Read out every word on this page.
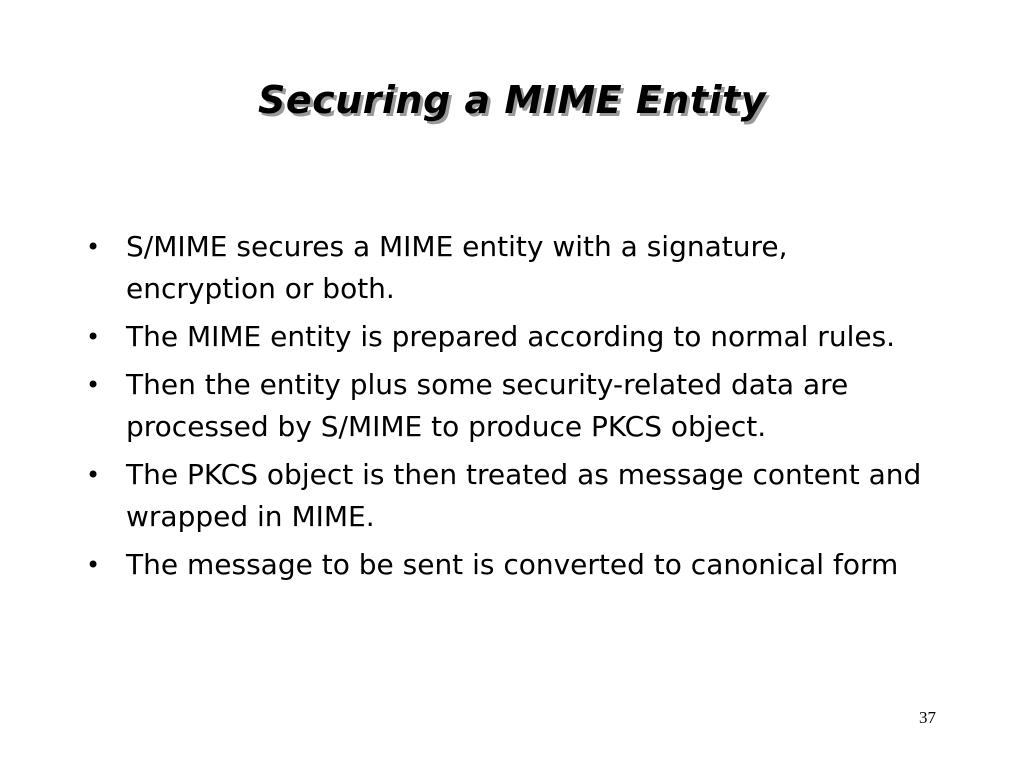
Securing a MIME Entity
• S/MIME secures a MIME entity with a signature, encryption or both.
• The MIME entity is prepared according to normal rules.
• Then the entity plus some security-related data are processed by S/MIME to produce PKCS object.
• The PKCS object is then treated as message content and wrapped in MIME.
• The message to be sent is converted to canonical form
37
